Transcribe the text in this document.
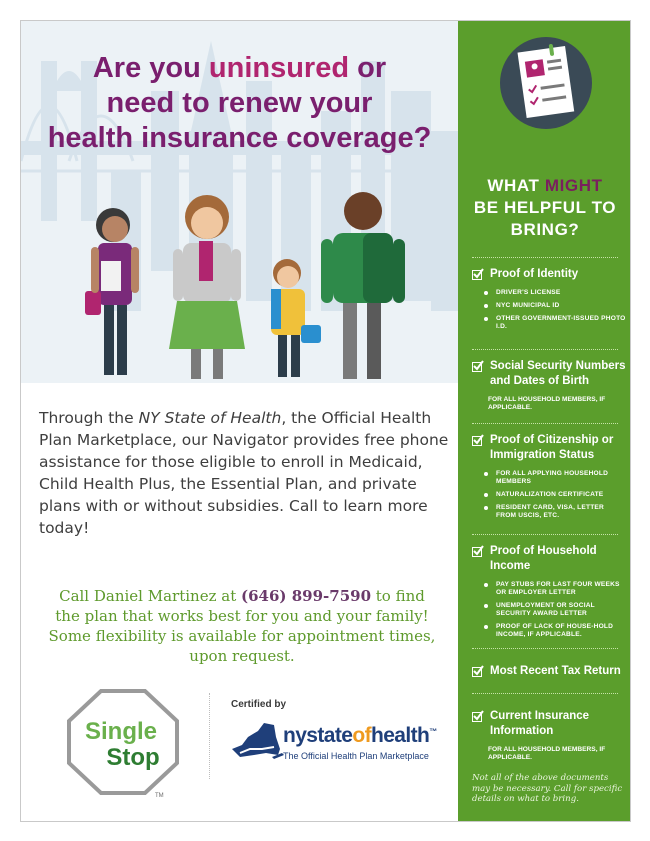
Are you uninsured or
need to renew your
health insurance coverage?

Through the NY State of Health, the Official Health Plan Marketplace, our Navigator provides free phone assistance for those eligible to enroll in Medicaid, Child Health Plus, the Essential Plan, and private plans with or without subsidies. Call to learn more today!

Call Daniel Martinez at (646) 899-7590 to find the plan that works best for you and your family! Some flexibility is available for appointment times, upon request.

Single
Stop
TM
Certified by
nystateofhealth™
The Official Health Plan Marketplace
WHAT MIGHT
BE HELPFUL TO
BRING?
Proof of Identity
DRIVER'S LICENSE
NYC MUNICIPAL ID
OTHER GOVERNMENT-ISSUED PHOTO I.D.
Social Security Numbers and Dates of Birth
FOR ALL HOUSEHOLD MEMBERS, IF APPLICABLE.
Proof of Citizenship or Immigration Status
FOR ALL APPLYING HOUSEHOLD MEMBERS
NATURALIZATION CERTIFICATE
RESIDENT CARD, VISA, LETTER FROM USCIS, ETC.
Proof of Household Income
PAY STUBS FOR LAST FOUR WEEKS OR EMPLOYER LETTER
UNEMPLOYMENT OR SOCIAL SECURITY AWARD LETTER
PROOF OF LACK OF HOUSE-HOLD INCOME, IF APPLICABLE.
Most Recent Tax Return
Current Insurance Information
FOR ALL HOUSEHOLD MEMBERS, IF APPLICABLE.
Not all of the above documents may be necessary. Call for specific details on what to bring.
